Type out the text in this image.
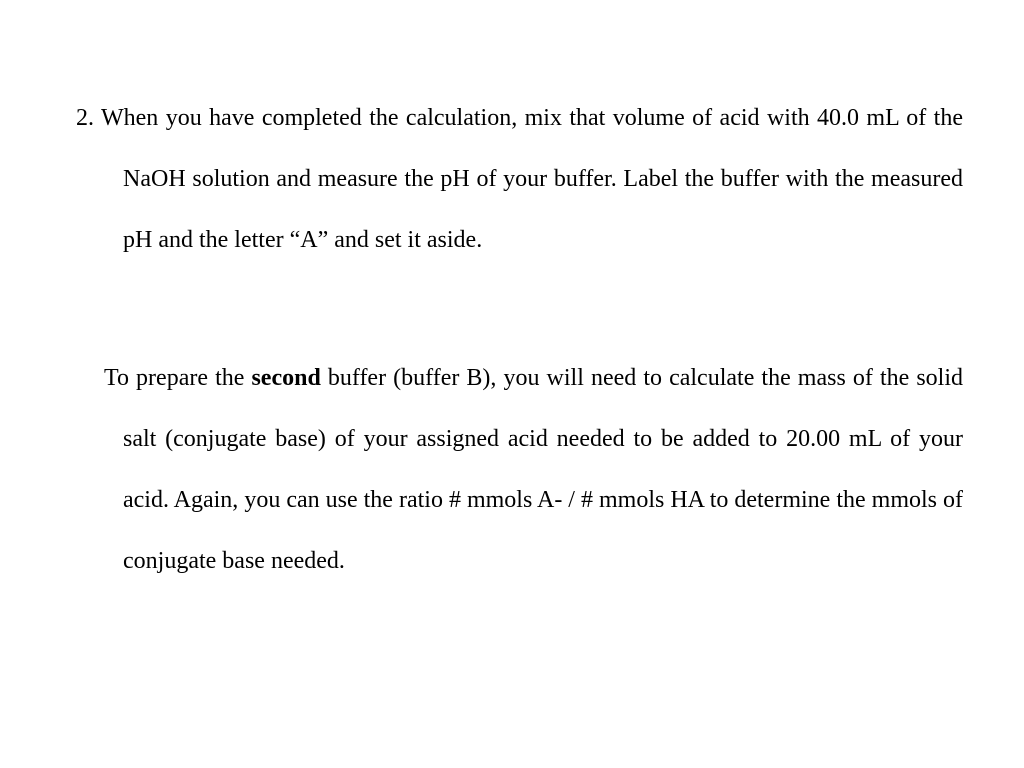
2. When you have completed the calculation, mix that volume of acid with 40.0 mL of the NaOH solution and measure the pH of your buffer. Label the buffer with the measured pH and the letter “A” and set it aside.

To prepare the second buffer (buffer B), you will need to calculate the mass of the solid salt (conjugate base) of your assigned acid needed to be added to 20.00 mL of your acid. Again, you can use the ratio # mmols A- / # mmols HA to determine the mmols of conjugate base needed.
